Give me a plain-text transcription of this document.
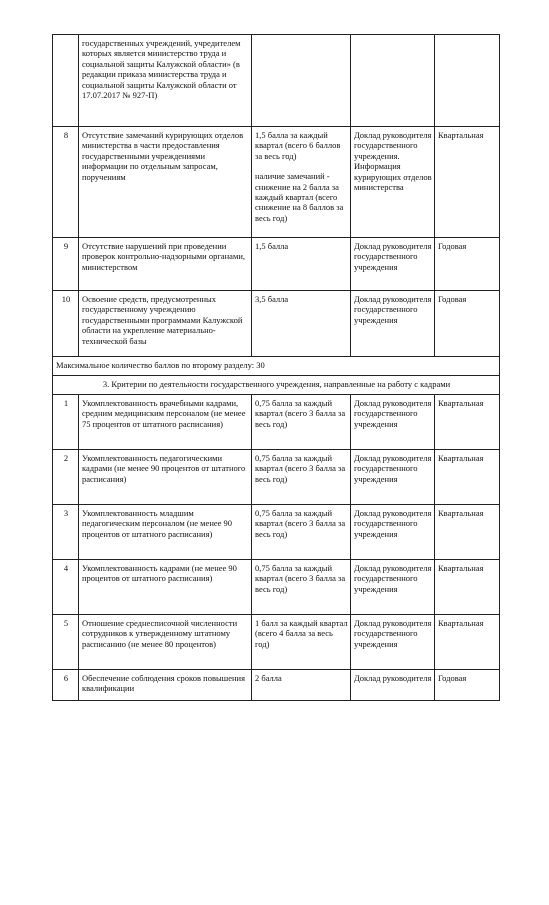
	государственных учреждений, учредителем которых является министерство труда и социальной защиты Калужской области» (в редакции приказа министерства труда и социальной защиты Калужской области от 17.07.2017 № 927-П)			
8	Отсутствие замечаний курирующих отделов министерства в части предоставления государственными учреждениями информации по отдельным запросам, поручениям	1,5 балла за каждый квартал (всего 6 баллов за весь год)
наличие замечаний - снижение на 2 балла за каждый квартал (всего снижение на 8 баллов за весь год)	Доклад руководителя государственного учреждения. Информация курирующих отделов министерства	Квартальная
9	Отсутствие нарушений при проведении проверок контрольно-надзорными органами, министерством	1,5 балла	Доклад руководителя государственного учреждения	Годовая
10	Освоение средств, предусмотренных государственному учреждению государственными программами Калужской области на укрепление материально-технической базы	3,5 балла	Доклад руководителя государственного учреждения	Годовая
Максимальное количество баллов по второму разделу: 30				
3. Критерии по деятельности государственного учреждения, направленные на работу с кадрами				
1	Укомплектованность врачебными кадрами, средним медицинским персоналом (не менее 75 процентов от штатного расписания)	0,75 балла за каждый квартал (всего 3 балла за весь год)	Доклад руководителя государственного учреждения	Квартальная
2	Укомплектованность педагогическими кадрами (не менее 90 процентов от штатного расписания)	0,75 балла за каждый квартал (всего 3 балла за весь год)	Доклад руководителя государственного учреждения	Квартальная
3	Укомплектованность младшим педагогическим персоналом (не менее 90 процентов от штатного расписания)	0,75 балла за каждый квартал (всего 3 балла за весь год)	Доклад руководителя государственного учреждения	Квартальная
4	Укомплектованность кадрами (не менее 90 процентов от штатного расписания)	0,75 балла за каждый квартал (всего 3 балла за весь год)	Доклад руководителя государственного учреждения	Квартальная
5	Отношение среднесписочной численности сотрудников к утвержденному штатному расписанию (не менее 80 процентов)	1 балл за каждый квартал (всего 4 балла за весь год)	Доклад руководителя государственного учреждения	Квартальная
6	Обеспечение соблюдения сроков повышения квалификации	2 балла	Доклад руководителя	Годовая
